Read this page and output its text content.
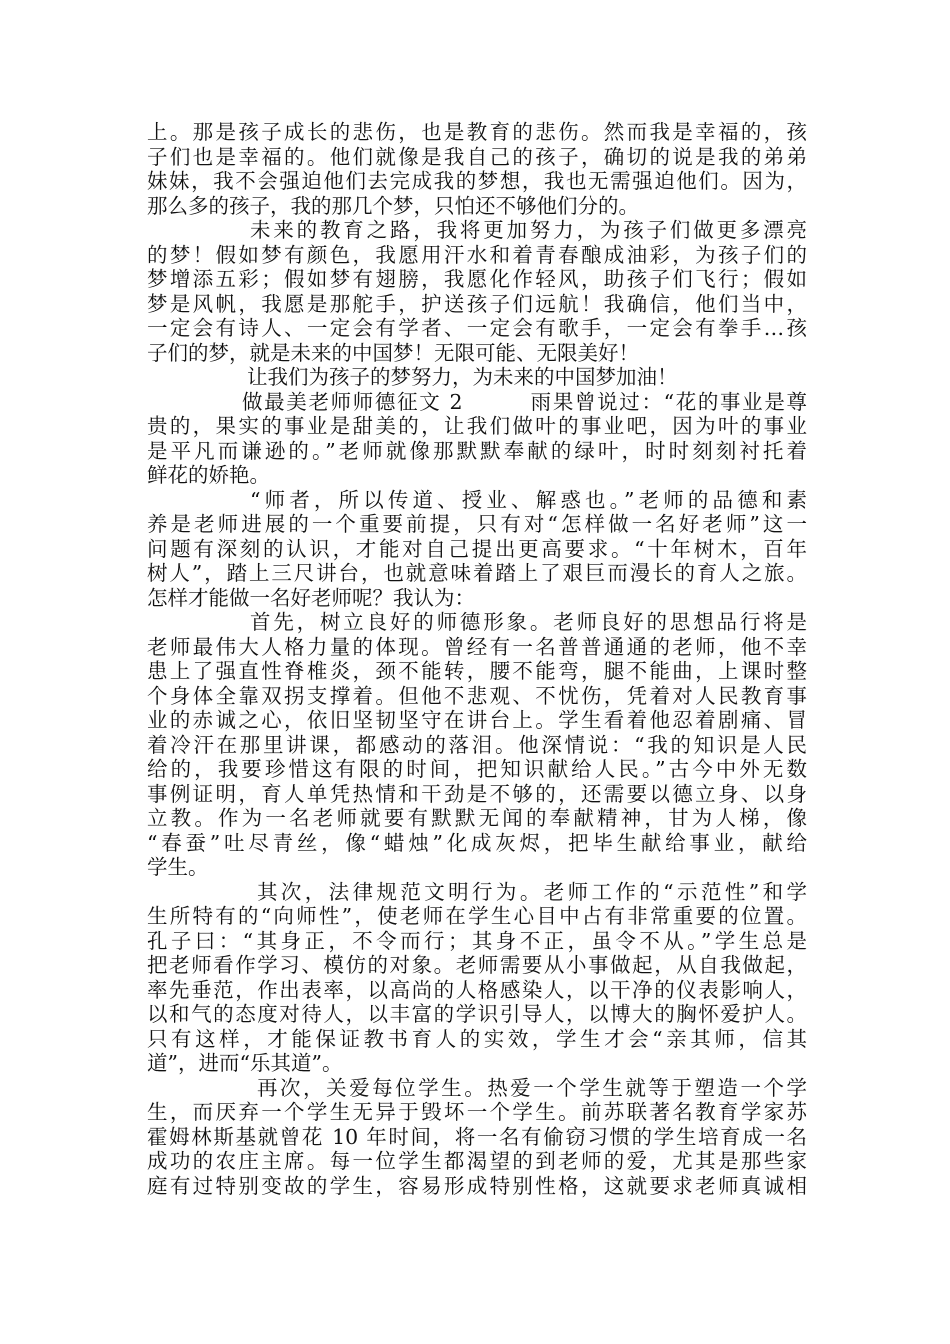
上。那是孩子成长的悲伤，也是教育的悲伤。然而我是幸福的，孩
子们也是幸福的。他们就像是我自己的孩子，确切的说是我的弟弟
妹妹，我不会强迫他们去完成我的梦想，我也无需强迫他们。因为，
那么多的孩子，我的那几个梦，只怕还不够他们分的。
未来的教育之路，我将更加努力，为孩子们做更多漂亮
的梦！假如梦有颜色，我愿用汗水和着青春酿成油彩，为孩子们的
梦增添五彩；假如梦有翅膀，我愿化作轻风，助孩子们飞行；假如
梦是风帆，我愿是那舵手，护送孩子们远航！我确信，他们当中，
一定会有诗人、一定会有学者、一定会有歌手，一定会有拳手…孩
子们的梦，就是未来的中国梦！无限可能、无限美好！
让我们为孩子的梦努力，为未来的中国梦加油！
做最美老师师德征文 2　　　雨果曾说过：“花的事业是尊
贵的，果实的事业是甜美的，让我们做叶的事业吧，因为叶的事业
是平凡而谦逊的。”老师就像那默默奉献的绿叶，时时刻刻衬托着
鲜花的娇艳。
“师者，所以传道、授业、解惑也。”老师的品德和素
养是老师进展的一个重要前提，只有对“怎样做一名好老师”这一
问题有深刻的认识，才能对自己提出更高要求。“十年树木，百年
树人”，踏上三尺讲台，也就意味着踏上了艰巨而漫长的育人之旅。
怎样才能做一名好老师呢？我认为：
首先，树立良好的师德形象。老师良好的思想品行将是
老师最伟大人格力量的体现。曾经有一名普普通通的老师，他不幸
患上了强直性脊椎炎，颈不能转，腰不能弯，腿不能曲，上课时整
个身体全靠双拐支撑着。但他不悲观、不忧伤，凭着对人民教育事
业的赤诚之心，依旧坚韧坚守在讲台上。学生看着他忍着剧痛、冒
着冷汗在那里讲课，都感动的落泪。他深情说：“我的知识是人民
给的，我要珍惜这有限的时间，把知识献给人民。”古今中外无数
事例证明，育人单凭热情和干劲是不够的，还需要以德立身、以身
立教。作为一名老师就要有默默无闻的奉献精神，甘为人梯，像
“春蚕”吐尽青丝，像“蜡烛”化成灰烬，把毕生献给事业，献给
学生。
其次，法律规范文明行为。老师工作的“示范性”和学
生所特有的“向师性”，使老师在学生心目中占有非常重要的位置。
孔子曰：“其身正，不令而行；其身不正，虽令不从。”学生总是
把老师看作学习、模仿的对象。老师需要从小事做起，从自我做起，
率先垂范，作出表率，以高尚的人格感染人，以干净的仪表影响人，
以和气的态度对待人，以丰富的学识引导人，以博大的胸怀爱护人。
只有这样，才能保证教书育人的实效，学生才会“亲其师，信其
道”，进而“乐其道”。
再次，关爱每位学生。热爱一个学生就等于塑造一个学
生，而厌弃一个学生无异于毁坏一个学生。前苏联著名教育学家苏
霍姆林斯基就曾花 10 年时间，将一名有偷窃习惯的学生培育成一名
成功的农庄主席。每一位学生都渴望的到老师的爱，尤其是那些家
庭有过特别变故的学生，容易形成特别性格，这就要求老师真诚相
